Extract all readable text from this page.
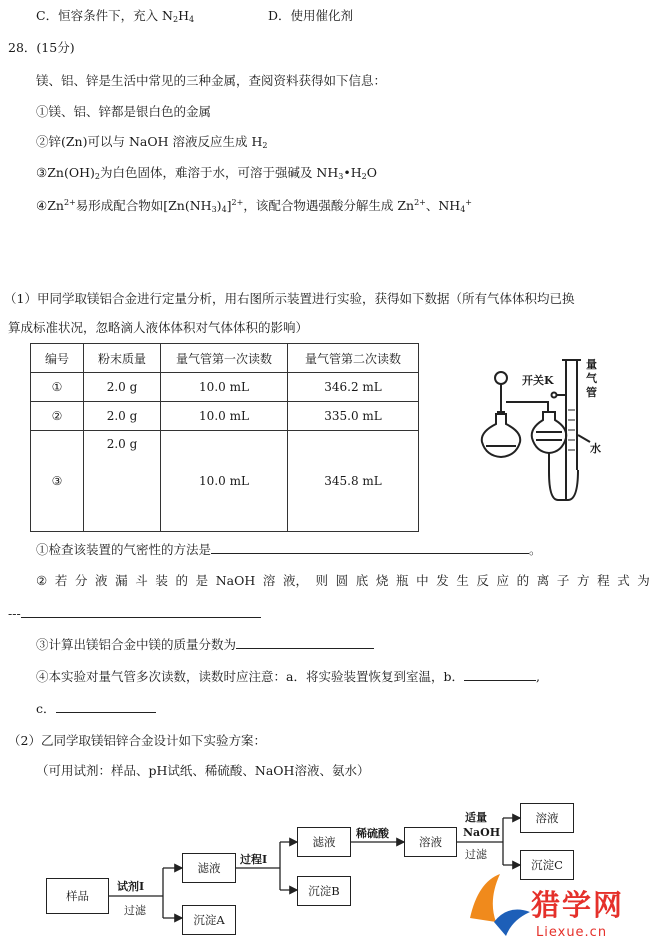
C．恒容条件下，充入 $N_2H_4$	D．使用催化剂
28．(15分)
镁、铝、锌是生活中常见的三种金属，查阅资料获得如下信息：
①镁、铝、锌都是银白色的金属
②锌(Zn)可以与 NaOH 溶液反应生成 $H_2$
$③Zn(OH)_2$为白色固体，难溶于水，可溶于强碱及 $NH_3•H_2O$
$④Zn^{2+}$易形成配合物如$[Zn(NH_3)_4]^{2+}$，该配合物遇强酸分解生成 $Zn^{2+}$、$NH_4^+$
（1）甲同学取镁铝合金进行定量分析，用右图所示装置进行实验，获得如下数据（所有气体体积均已换
算成标准状况，忽略滴人液体体积对气体体积的影响）
编号	粉末质量	量气管第一次读数	量气管第二次读数
①	2.0 g	10.0 mL	346.2 mL
②	2.0 g	10.0 mL	335.0 mL
③	2.0 g	10.0 mL	345.8 mL
开关K
量
气
管
水
①检查该装置的气密性的方法是	。
② 若 分 液 漏 斗 装 的 是 NaOH 溶 液， 则 圆 底 烧 瓶 中 发 生 反 应 的 离 子 方 程 式 为
---
③计算出镁铝合金中镁的质量分数为
④本实验对量气管多次读数，读数时应注意：a．将实验装置恢复到室温，b．	,
c．
（2）乙同学取镁铝锌合金设计如下实验方案：
（可用试剂：样品、pH试纸、稀硫酸、NaOH溶液、氨水）
样品
试剂Ⅰ
过滤
滤液
沉淀A
过程Ⅰ
滤液
沉淀B
稀硫酸
溶液
适量
NaOH
过滤
溶液
沉淀C
猎学网
Liexue.cn
